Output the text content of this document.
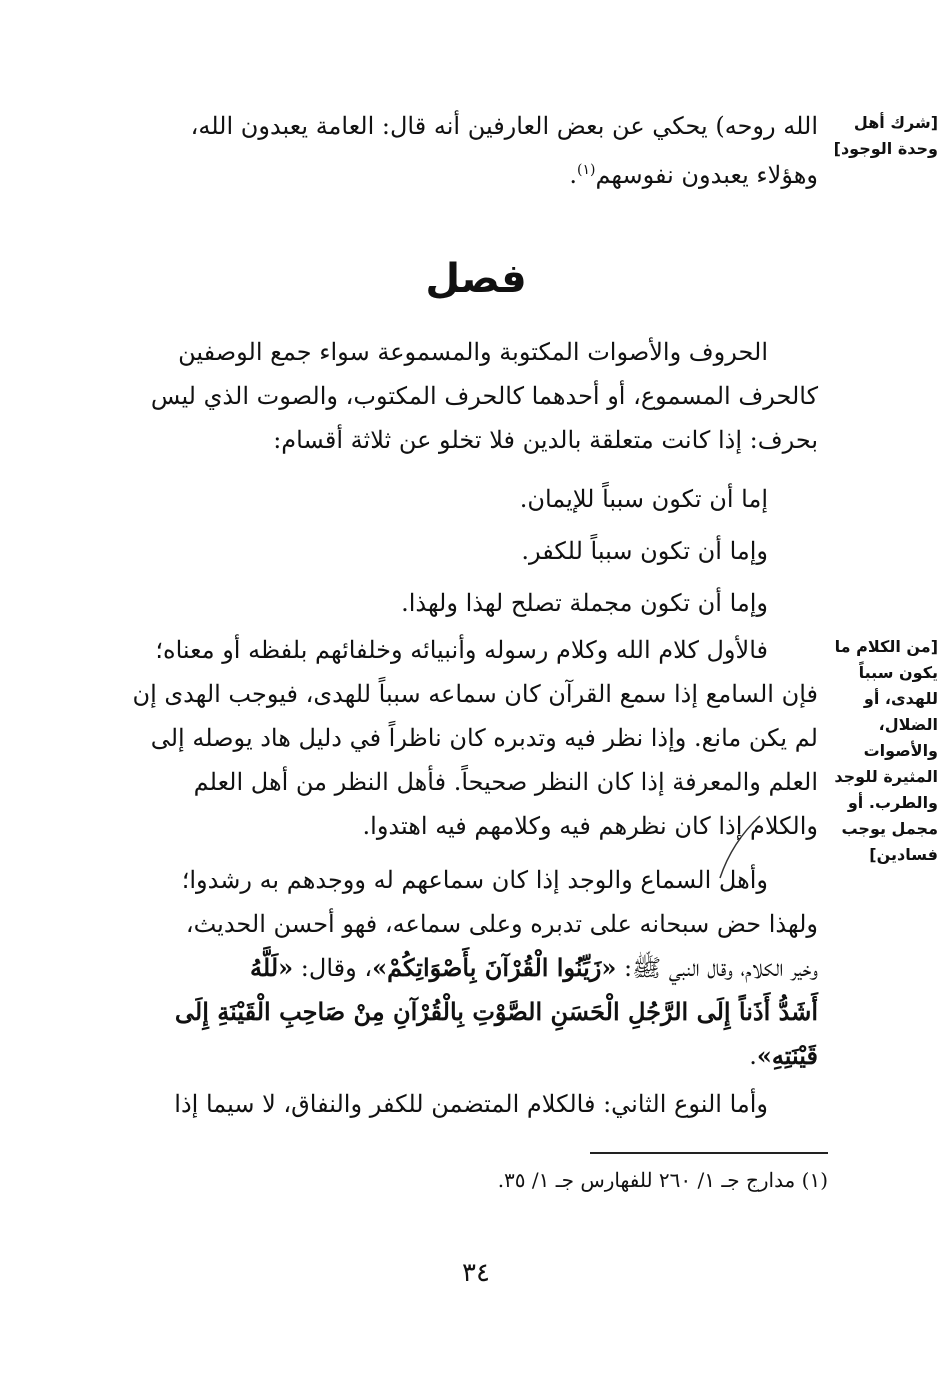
[شرك أهل وحدة الوجود]

الله روحه) يحكي عن بعض العارفين أنه قال: العامة يعبدون الله،

وهؤلاء يعبدون نفوسهم$^{(١)}$.

فصل

الحروف والأصوات المكتوبة والمسموعة سواء جمع الوصفين

كالحرف المسموع، أو أحدهما كالحرف المكتوب، والصوت الذي ليس

بحرف: إذا كانت متعلقة بالدين فلا تخلو عن ثلاثة أقسام:

إما أن تكون سبباً للإيمان.

وإما أن تكون سبباً للكفر.

وإما أن تكون مجملة تصلح لهذا ولهذا.

[من الكلام ما يكون سبباً للهدى، أو الضلال، والأصوات المثيرة للوجد والطرب. أو مجمل يوجب فسادين]

فالأول كلام الله وكلام رسوله وأنبيائه وخلفائهم بلفظه أو معناه؛

فإن السامع إذا سمع القرآن كان سماعه سبباً للهدى، فيوجب الهدى إن

لم يكن مانع. وإذا نظر فيه وتدبره كان ناظراً في دليل هاد يوصله إلى

العلم والمعرفة إذا كان النظر صحيحاً. فأهل النظر من أهل العلم

والكلام إذا كان نظرهم فيه وكلامهم فيه اهتدوا.

وأهل السماع والوجد إذا كان سماعهم له ووجدهم به رشدوا؛

ولهذا حض سبحانه على تدبره وعلى سماعه، فهو أحسن الحديث،

وخير الكلام، وقال النبي ﷺ: «زَيِّنُوا الْقُرْآنَ بِأَصْوَاتِكُمْ»، وقال: «لَلَّهُ

أَشَدُّ أَذَناً إِلَى الرَّجُلِ الْحَسَنِ الصَّوْتِ بِالْقُرْآنِ مِنْ صَاحِبِ الْقَيْنَةِ إِلَى

قَيْنَتِهِ».

وأما النوع الثاني: فالكلام المتضمن للكفر والنفاق، لا سيما إذا

(١) مدارج جـ ١/ ٢٦٠ للفهارس جـ ١/ ٣٥.
٣٤
